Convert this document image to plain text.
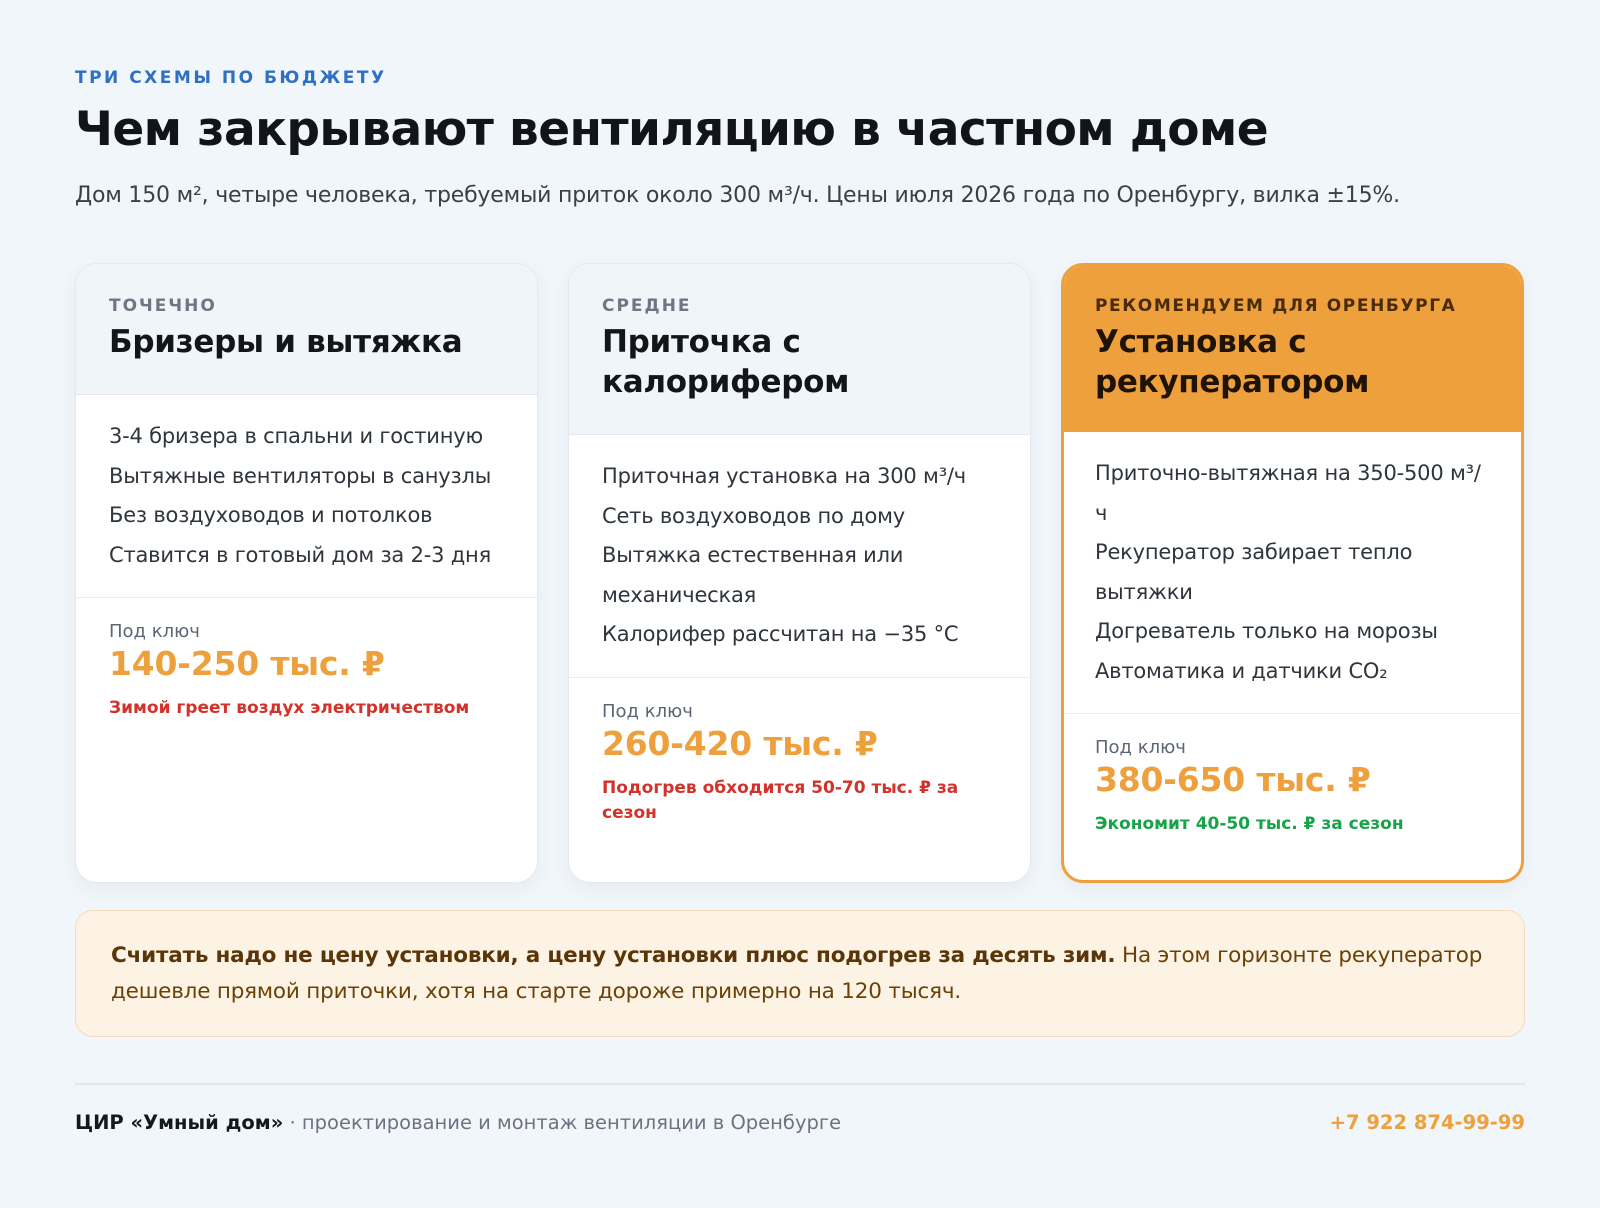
ТРИ СХЕМЫ ПО БЮДЖЕТУ
Чем закрывают вентиляцию в частном доме
Дом 150 м², четыре человека, требуемый приток около 300 м³/ч. Цены июля 2026 года по Оренбургу, вилка ±15%.
ТОЧЕЧНО
Бризеры и вытяжка
3-4 бризера в спальни и гостиную
Вытяжные вентиляторы в санузлы
Без воздуховодов и потолков
Ставится в готовый дом за 2-3 дня
Под ключ
140-250 тыс. ₽
Зимой греет воздух электричеством
СРЕДНЕ
Приточка с калорифером
Приточная установка на 300 м³/ч
Сеть воздуховодов по дому
Вытяжка естественная или механическая
Калорифер рассчитан на −35 °С
Под ключ
260-420 тыс. ₽
Подогрев обходится 50-70 тыс. ₽ за сезон
РЕКОМЕНДУЕМ ДЛЯ ОРЕНБУРГА
Установка с рекуператором
Приточно-вытяжная на 350-500 м³/ч
Рекуператор забирает тепло вытяжки
Догреватель только на морозы
Автоматика и датчики CO₂
Под ключ
380-650 тыс. ₽
Экономит 40-50 тыс. ₽ за сезон
Считать надо не цену установки, а цену установки плюс подогрев за десять зим. На этом горизонте рекуператор дешевле прямой приточки, хотя на старте дороже примерно на 120 тысяч.
ЦИР «Умный дом» · проектирование и монтаж вентиляции в Оренбурге	+7 922 874-99-99
